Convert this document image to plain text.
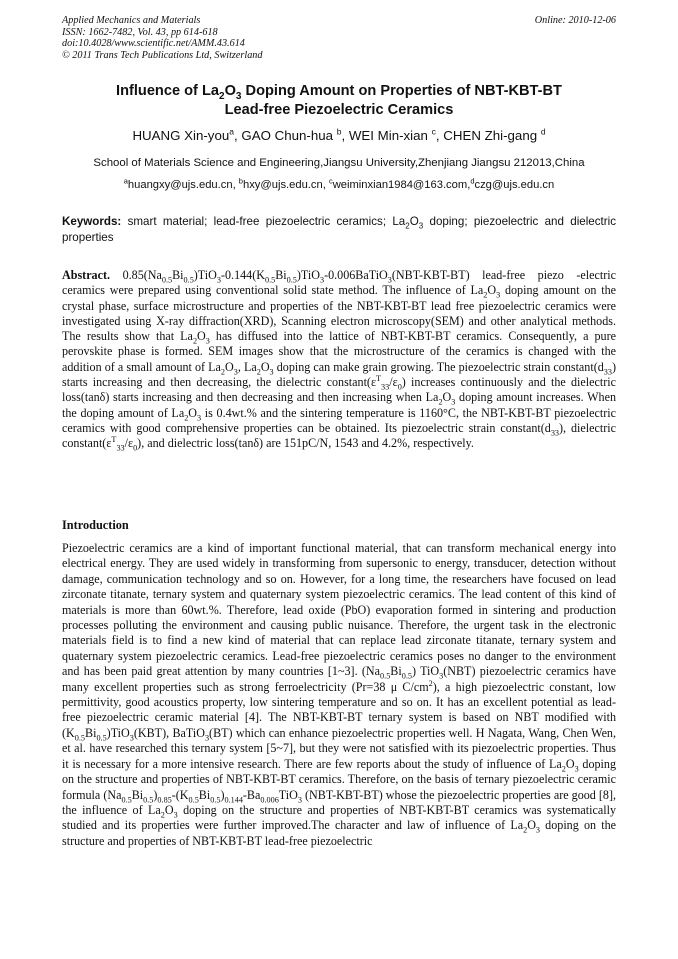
Applied Mechanics and Materials
ISSN: 1662-7482, Vol. 43, pp 614-618
doi:10.4028/www.scientific.net/AMM.43.614
© 2011 Trans Tech Publications Ltd, Switzerland
Online: 2010-12-06
Influence of $La_2O_3$ Doping Amount on Properties of NBT-KBT-BT
Lead-free Piezoelectric Ceramics
HUANG Xin-you$^a$, GAO Chun-hua $^b$, WEI Min-xian $^c$, CHEN Zhi-gang $^d$
School of Materials Science and Engineering,Jiangsu University,Zhenjiang Jiangsu 212013,China
$^a$huangxy@ujs.edu.cn, $^b$hxy@ujs.edu.cn, $^c$weiminxian1984@163.com,$^d$czg@ujs.edu.cn
Keywords: smart material; lead-free piezoelectric ceramics; $La_2O_3$ doping; piezoelectric and dielectric properties
Abstract. $0.85(Na_{0.5}Bi_{0.5})TiO_3-0.144(K_{0.5}Bi_{0.5})TiO_3-0.006BaTiO_3(NBT-KBT-BT)$ lead-free piezo -electric ceramics were prepared using conventional solid state method. The influence of $La_2O_3$ doping amount on the crystal phase, surface microstructure and properties of the NBT-KBT-BT lead free piezoelectric ceramics were investigated using X-ray diffraction(XRD), Scanning electron microscopy(SEM) and other analytical methods. The results show that $La_2O_3$ has diffused into the lattice of NBT-KBT-BT ceramics. Consequently, a pure perovskite phase is formed. SEM images show that the microstructure of the ceramics is changed with the addition of a small amount of $La_2O_3$, $La_2O_3$ doping can make grain growing. The piezoelectric strain $constant(d_{33})$ starts increasing and then decreasing, the dielectric $constant(\varepsilon^T_{33}/\varepsilon_0)$ increases continuously and the dielectric loss(tanδ) starts increasing and then decreasing and then increasing when $La_2O_3$ doping amount increases. When the doping amount of $La_2O_3$ is 0.4wt.% and the sintering temperature is 1160°C, the NBT-KBT-BT piezoelectric ceramics with good comprehensive properties can be obtained. Its piezoelectric strain $constant(d_{33})$, dielectric $constant(\varepsilon^T_{33}/\varepsilon_0)$, and dielectric loss(tanδ) are 151pC/N, 1543 and 4.2%, respectively.
Introduction
Piezoelectric ceramics are a kind of important functional material, that can transform mechanical energy into electrical energy. They are used widely in transforming from supersonic to energy, transducer, detection without damage, communication technology and so on. However, for a long time, the researchers have focused on lead zirconate titanate, ternary system and quaternary system piezoelectric ceramics. The lead content of this kind of materials is more than 60wt.%. Therefore, lead oxide (PbO) evaporation formed in sintering and production processes polluting the environment and causing public nuisance. Therefore, the urgent task in the electronic materials field is to find a new kind of material that can replace lead zirconate titanate, ternary system and quaternary system piezoelectric ceramics. Lead-free piezoelectric ceramics poses no danger to the environment and has been paid great attention by many countries [1~3]. $(Na_{0.5}Bi_{0.5})$ TiO$_3$(NBT) piezoelectric ceramics have many excellent properties such as strong ferroelectricity (Pr=38 μ $C/cm^2$), a high piezoelectric constant, low permittivity, good acoustics property, low sintering temperature and so on. It has an excellent potential as lead-free piezoelectric ceramic material [4]. The NBT-KBT-BT ternary system is based on NBT modified with $(K_{0.5}Bi_{0.5})TiO_3(KBT)$, BaTiO$_3$(BT) which can enhance piezoelectric properties well. H Nagata, Wang, Chen Wen, et al. have researched this ternary system [5~7], but they were not satisfied with its piezoelectric properties. Thus it is necessary for a more intensive research. There are few reports about the study of influence of $La_2O_3$ doping on the structure and properties of NBT-KBT-BT ceramics. Therefore, on the basis of ternary piezoelectric ceramic formula $(Na_{0.5}Bi_{0.5})_{0.85}-(K_{0.5}Bi_{0.5})_{0.144}-Ba_{0.006}TiO_3$ (NBT-KBT-BT) whose the piezoelectric properties are good [8], the influence of $La_2O_3$ doping on the structure and properties of NBT-KBT-BT ceramics was systematically studied and its properties were further improved.The character and law of influence of $La_2O_3$ doping on the structure and properties of NBT-KBT-BT lead-free piezoelectric
